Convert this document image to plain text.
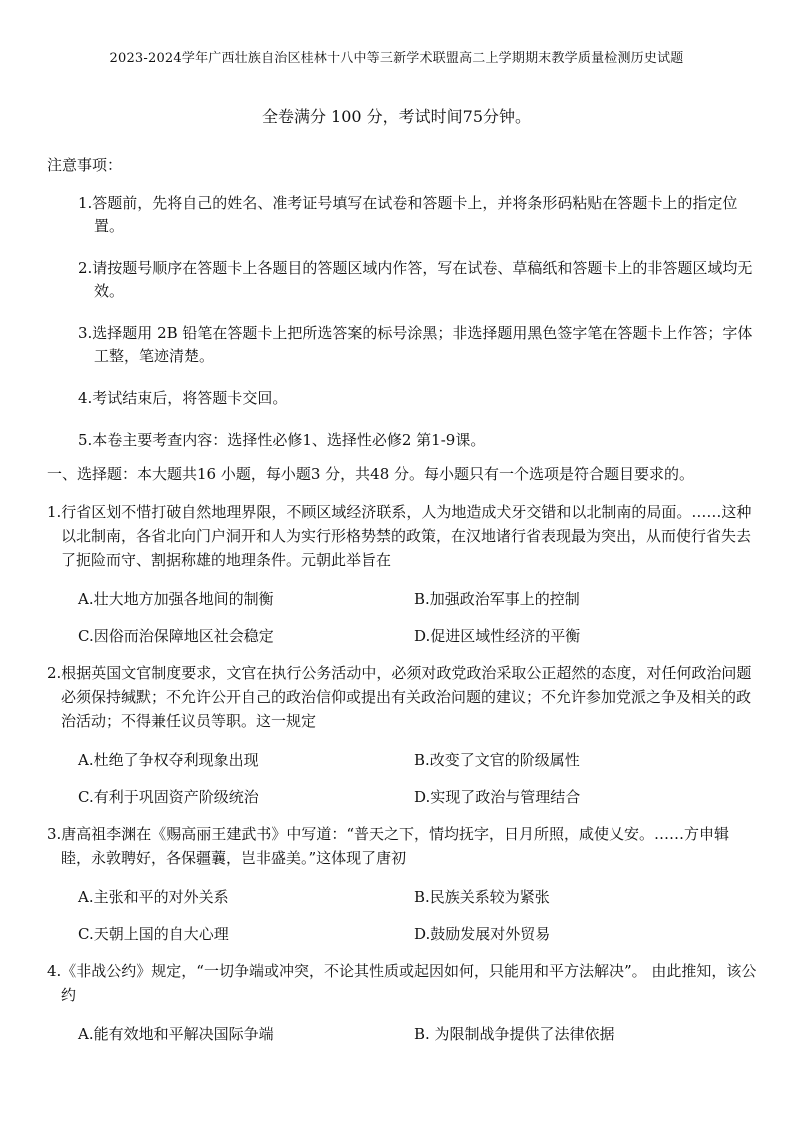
2023-2024学年广西壮族自治区桂林十八中等三新学术联盟高二上学期期末教学质量检测历史试题
全卷满分 100 分，考试时间75分钟。
注意事项：
1.答题前，先将自己的姓名、准考证号填写在试卷和答题卡上，并将条形码粘贴在答题卡上的指定位置。
2.请按题号顺序在答题卡上各题目的答题区域内作答，写在试卷、草稿纸和答题卡上的非答题区域均无效。
3.选择题用 2B 铅笔在答题卡上把所选答案的标号涂黑；非选择题用黑色签字笔在答题卡上作答；字体工整，笔迹清楚。
4.考试结束后，将答题卡交回。
5.本卷主要考查内容：选择性必修1、选择性必修2 第1-9课。
一、选择题：本大题共16 小题，每小题3 分，共48 分。每小题只有一个选项是符合题目要求的。
1.行省区划不惜打破自然地理界限，不顾区域经济联系，人为地造成犬牙交错和以北制南的局面。……这种以北制南，各省北向门户洞开和人为实行形格势禁的政策，在汉地诸行省表现最为突出，从而使行省失去了扼险而守、割据称雄的地理条件。元朝此举旨在
A.壮大地方加强各地间的制衡	B.加强政治军事上的控制
C.因俗而治保障地区社会稳定	D.促进区域性经济的平衡
2.根据英国文官制度要求，文官在执行公务活动中，必须对政党政治采取公正超然的态度，对任何政治问题必须保持缄默；不允许公开自己的政治信仰或提出有关政治问题的建议；不允许参加党派之争及相关的政治活动；不得兼任议员等职。这一规定
A.杜绝了争权夺利现象出现	B.改变了文官的阶级属性
C.有利于巩固资产阶级统治	D.实现了政治与管理结合
3.唐高祖李渊在《赐高丽王建武书》中写道：“普天之下，情均抚字，日月所照，咸使乂安。……方申辑睦，永敦聘好，各保疆蘘，岂非盛美。”这体现了唐初
A.主张和平的对外关系	B.民族关系较为紧张
C.天朝上国的自大心理	D.鼓励发展对外贸易
4.《非战公约》规定，“一切争端或冲突，不论其性质或起因如何，只能用和平方法解决”。 由此推知，该公约
A.能有效地和平解决国际争端	B. 为限制战争提供了法律依据
